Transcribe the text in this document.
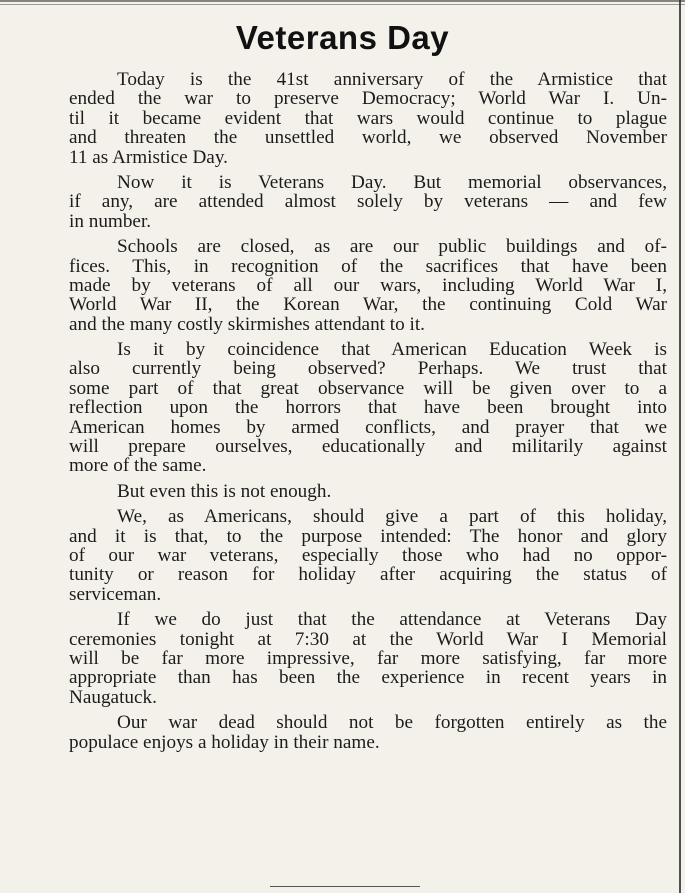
Veterans Day
Today is the 41st anniversary of the Armistice that
ended the war to preserve Democracy; World War I. Un-
til it became evident that wars would continue to plague
and threaten the unsettled world, we observed November
11 as Armistice Day.
Now it is Veterans Day. But memorial observances,
if any, are attended almost solely by veterans — and few
in number.
Schools are closed, as are our public buildings and of-
fices. This, in recognition of the sacrifices that have been
made by veterans of all our wars, including World War I,
World War II, the Korean War, the continuing Cold War
and the many costly skirmishes attendant to it.
Is it by coincidence that American Education Week is
also currently being observed? Perhaps. We trust that
some part of that great observance will be given over to a
reflection upon the horrors that have been brought into
American homes by armed conflicts, and prayer that we
will prepare ourselves, educationally and militarily against
more of the same.
But even this is not enough.
We, as Americans, should give a part of this holiday,
and it is that, to the purpose intended: The honor and glory
of our war veterans, especially those who had no oppor-
tunity or reason for holiday after acquiring the status of
serviceman.
If we do just that the attendance at Veterans Day
ceremonies tonight at 7:30 at the World War I Memorial
will be far more impressive, far more satisfying, far more
appropriate than has been the experience in recent years in
Naugatuck.
Our war dead should not be forgotten entirely as the
populace enjoys a holiday in their name.
